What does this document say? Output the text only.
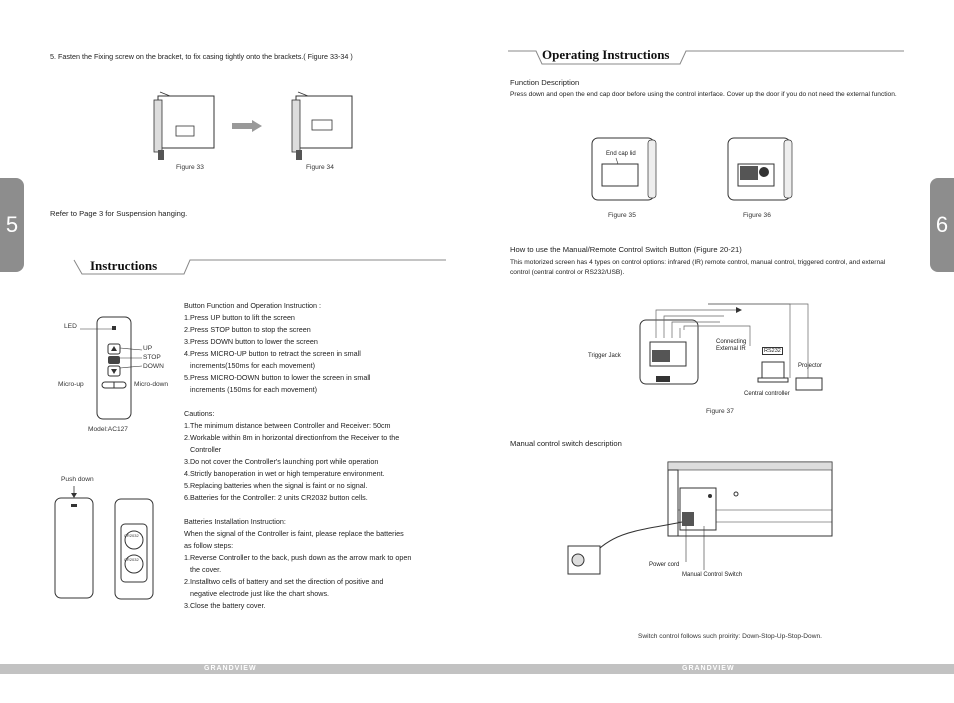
5. Fasten the Fixing screw on the bracket, to fix casing tightly onto the brackets.( Figure 33-34 )
Figure 33	Figure 34
5	Refer to Page 3 for Suspension hanging.
Instructions
LED
UP
STOP
DOWN
Micro-up	Micro-down
Model:AC127
Push down
CR2032
CR2032

Button Function and Operation Instruction :

1.Press UP button to lift the screen

2.Press STOP button to stop the screen

3.Press DOWN button to lower the screen

4.Press MICRO-UP button to retract the screen in small

increments(150ms for each movement)

5.Press MICRO-DOWN button to lower the screen in small

increments (150ms for each movement)

Cautions:

1.The minimum distance between Controller and Receiver: 50cm

2.Workable within 8m in horizontal directionfrom the Receiver to the

Controller

3.Do not cover the Controller's launching port while operation

4.Strictly banoperation in wet or high temperature environment.

5.Replacing batteries when the signal is faint or no signal.

6.Batteries for the Controller: 2 units CR2032 button cells.

Batteries Installation Instruction:

When the signal of the Controller is faint, please replace the batteries

as follow steps:

1.Reverse Controller to the back, push down as the arrow mark to open

the cover.

2.Installtwo cells of battery and set the direction of positive and

negative electrode just like the chart shows.

3.Close the battery cover.

Operating Instructions
Function Description
Press down and open the end cap door before using the control interface. Cover up the door if you do not need the external function.
End cap lid
Figure 35	Figure 36	6
How to use the Manual/Remote Control Switch Button (Figure 20-21)
This motorized screen has 4 types on control options: infrared (IR) remote control, manual control, triggered control, and external control (central control or RS232/USB).
Trigger Jack
Connecting External IR	RS232
Projector
Central controller
Figure 37
Manual control switch description
Power cord
Manual Control Switch
Switch control follows such proirity: Down-Stop-Up-Stop-Down.
GRANDVIEW	GRANDVIEW
